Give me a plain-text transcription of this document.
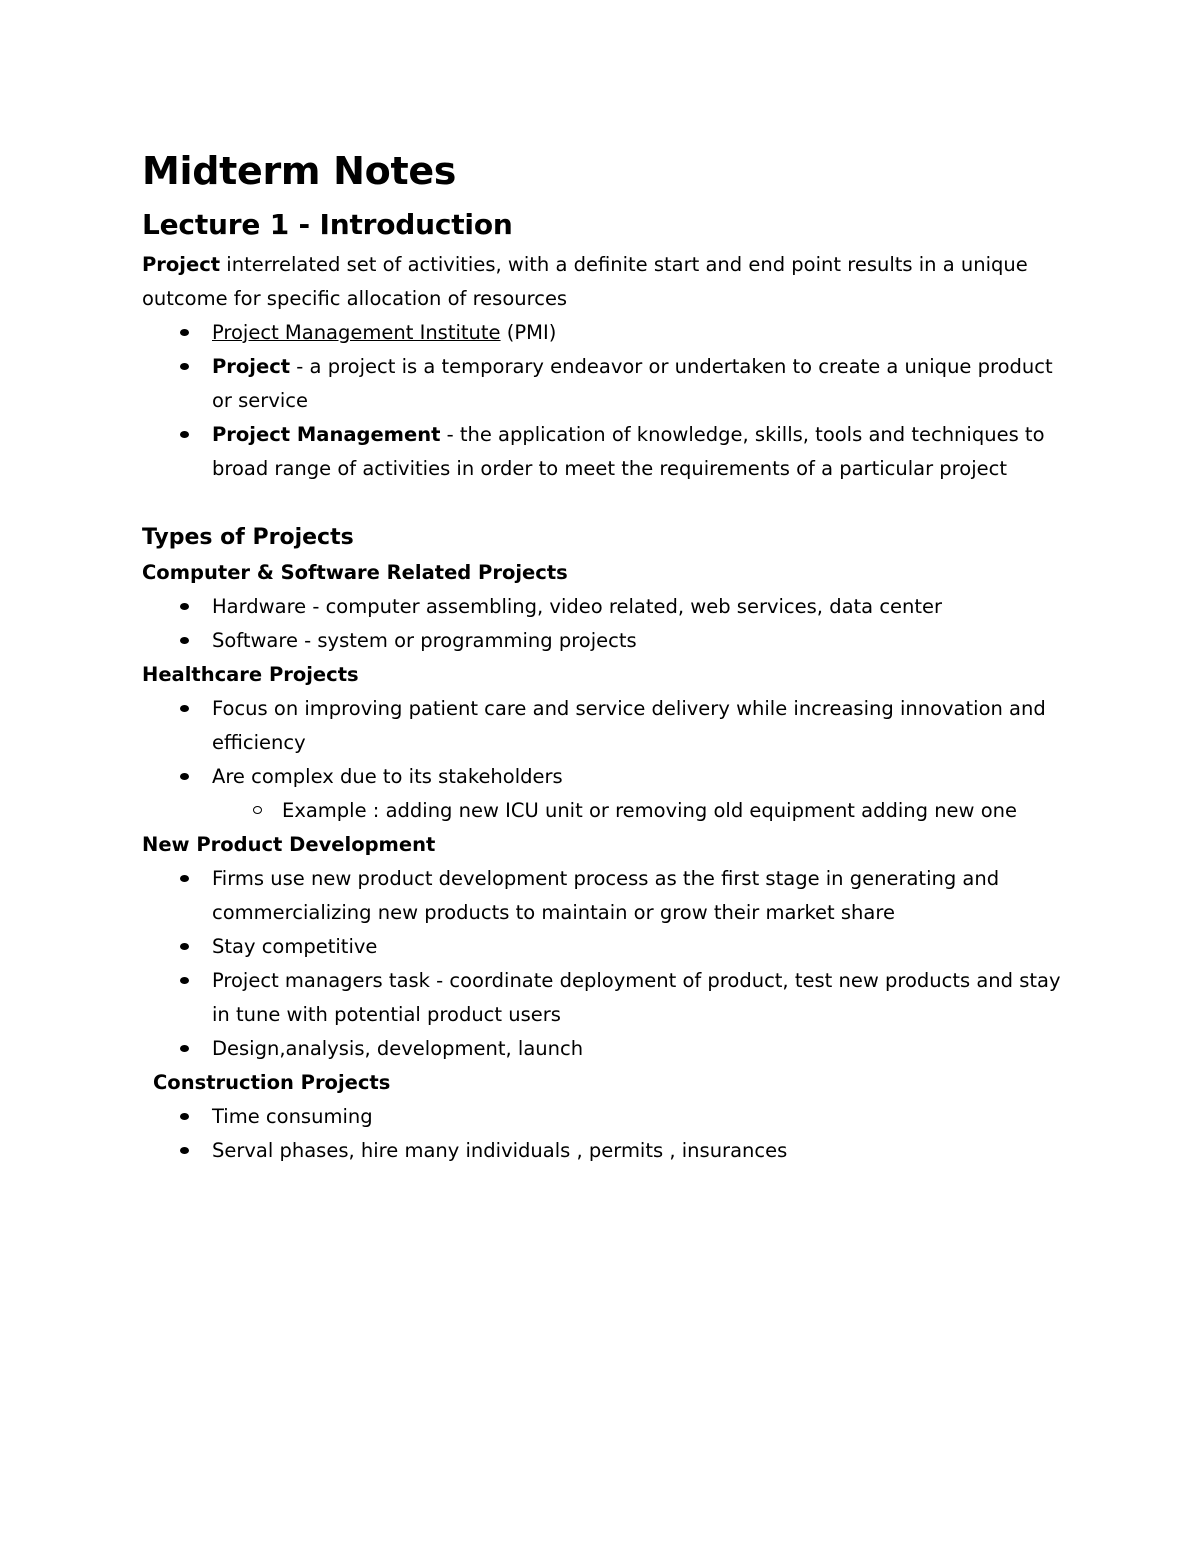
Midterm Notes
Lecture 1 - Introduction

Project interrelated set of activities, with a definite start and end point results in a unique outcome for specific allocation of resources

Project Management Institute (PMI)
Project - a project is a temporary endeavor or undertaken to create a unique product or service
Project Management - the application of knowledge, skills, tools and techniques to broad range of activities in order to meet the requirements of a particular project
Types of Projects
Computer & Software Related Projects
Hardware - computer assembling, video related, web services, data center
Software - system or programming projects
Healthcare Projects
Focus on improving patient care and service delivery while increasing innovation and efficiency
Are complex due to its stakeholders
Example : adding new ICU unit or removing old equipment adding new one
New Product Development
Firms use new product development process as the first stage in generating and commercializing new products to maintain or grow their market share
Stay competitive
Project managers task - coordinate deployment of product, test new products and stay in tune with potential product users
Design,analysis, development, launch
Construction Projects
Time consuming
Serval phases, hire many individuals , permits , insurances
